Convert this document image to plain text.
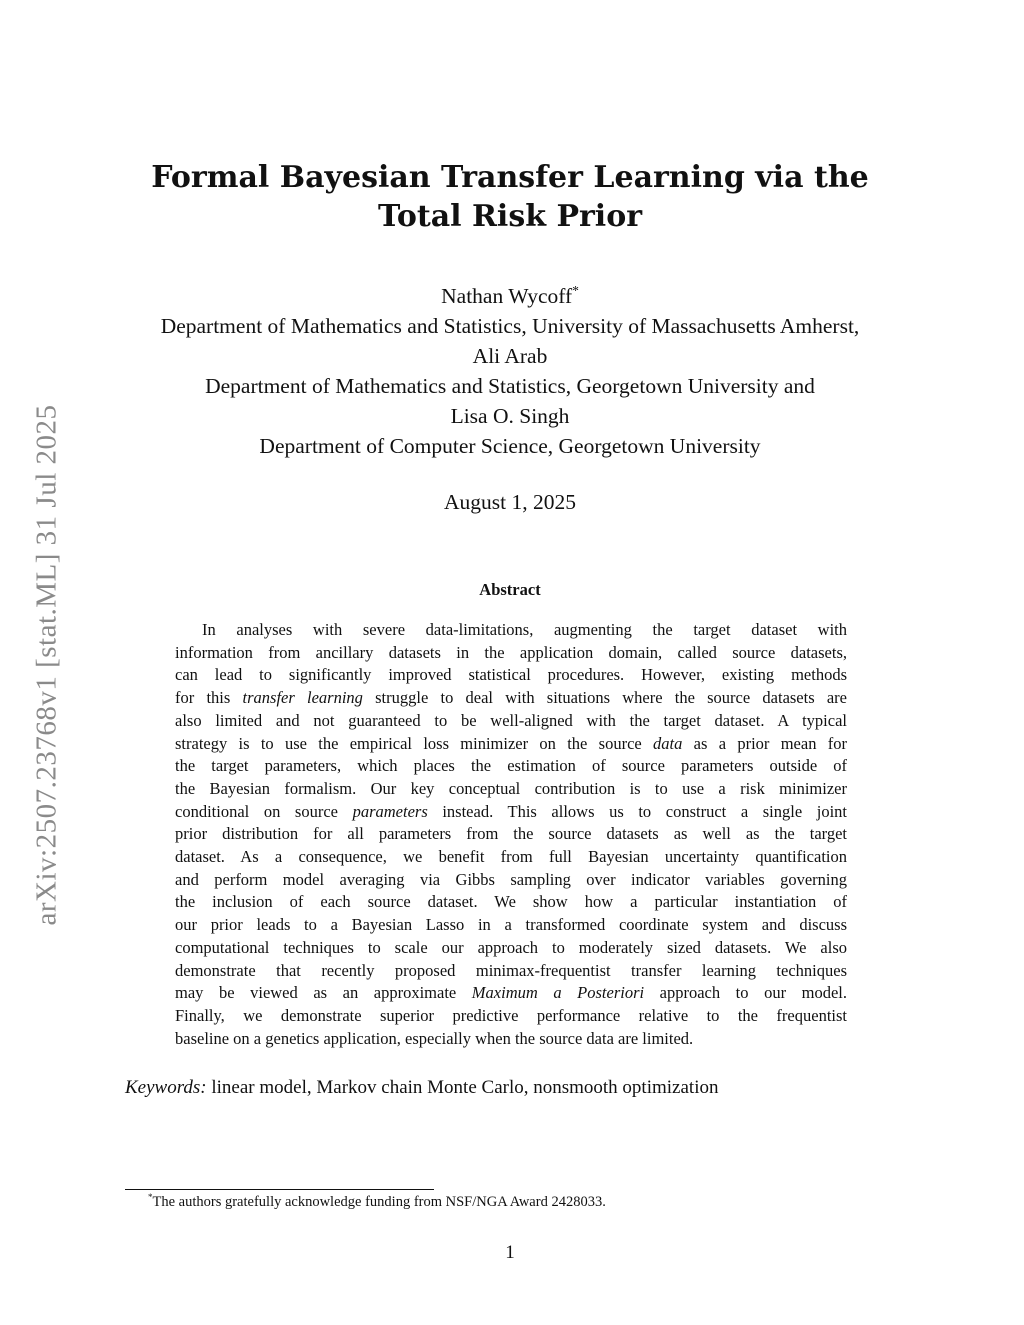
arXiv:2507.23768v1 [stat.ML] 31 Jul 2025
Formal Bayesian Transfer Learning via the
Total Risk Prior
Nathan Wycoff*
Department of Mathematics and Statistics, University of Massachusetts Amherst,
Ali Arab
Department of Mathematics and Statistics, Georgetown University and
Lisa O. Singh
Department of Computer Science, Georgetown University
August 1, 2025
Abstract
In analyses with severe data-limitations, augmenting the target dataset with
information from ancillary datasets in the application domain, called source datasets,
can lead to significantly improved statistical procedures. However, existing methods
for this transfer learning struggle to deal with situations where the source datasets are
also limited and not guaranteed to be well-aligned with the target dataset. A typical
strategy is to use the empirical loss minimizer on the source data as a prior mean for
the target parameters, which places the estimation of source parameters outside of
the Bayesian formalism. Our key conceptual contribution is to use a risk minimizer
conditional on source parameters instead. This allows us to construct a single joint
prior distribution for all parameters from the source datasets as well as the target
dataset. As a consequence, we benefit from full Bayesian uncertainty quantification
and perform model averaging via Gibbs sampling over indicator variables governing
the inclusion of each source dataset. We show how a particular instantiation of
our prior leads to a Bayesian Lasso in a transformed coordinate system and discuss
computational techniques to scale our approach to moderately sized datasets. We also
demonstrate that recently proposed minimax-frequentist transfer learning techniques
may be viewed as an approximate Maximum a Posteriori approach to our model.
Finally, we demonstrate superior predictive performance relative to the frequentist
baseline on a genetics application, especially when the source data are limited.
Keywords: linear model, Markov chain Monte Carlo, nonsmooth optimization
*The authors gratefully acknowledge funding from NSF/NGA Award 2428033.
1
